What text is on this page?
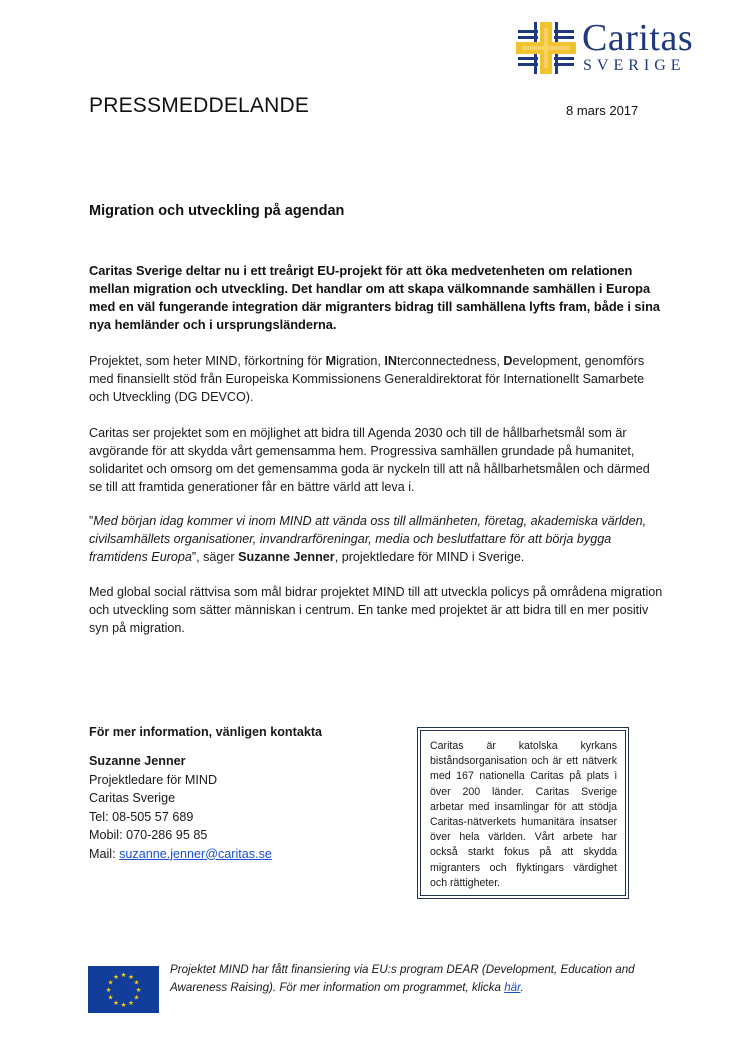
Caritas
SVERIGE
PRESSMEDDELANDE	8 mars 2017
Migration och utveckling på agendan
Caritas Sverige deltar nu i ett treårigt EU-projekt för att öka medvetenheten om relationen mellan migration och utveckling. Det handlar om att skapa välkomnande samhällen i Europa med en väl fungerande integration där migranters bidrag till samhällena lyfts fram, både i sina nya hemländer och i ursprungsländerna.
Projektet, som heter MIND, förkortning för Migration, INterconnectedness, Development, genomförs med finansiellt stöd från Europeiska Kommissionens Generaldirektorat för Internationellt Samarbete och Utveckling (DG DEVCO).
Caritas ser projektet som en möjlighet att bidra till Agenda 2030 och till de hållbarhetsmål som är avgörande för att skydda vårt gemensamma hem. Progressiva samhällen grundade på humanitet, solidaritet och omsorg om det gemensamma goda är nyckeln till att nå hållbarhetsmålen och därmed se till att framtida generationer får en bättre värld att leva i.
”Med början idag kommer vi inom MIND att vända oss till allmänheten, företag, akademiska världen, civilsamhällets organisationer, invandrarföreningar, media och beslutfattare för att börja bygga framtidens Europa”, säger Suzanne Jenner, projektledare för MIND i Sverige.
Med global social rättvisa som mål bidrar projektet MIND till att utveckla policys på områdena migration och utveckling som sätter människan i centrum. En tanke med projektet är att bidra till en mer positiv syn på migration.
För mer information, vänligen kontakta
Suzanne Jenner
Projektledare för MIND
Caritas Sverige
Tel: 08-505 57 689
Mobil: 070-286 95 85
Mail: suzanne.jenner@caritas.se
Caritas är katolska kyrkans biståndsorganisation och är ett nätverk med 167 nationella Caritas på plats i över 200 länder. Caritas Sverige arbetar med insamlingar för att stödja Caritas-nätverkets humanitära insatser över hela världen. Vårt arbete har också starkt fokus på att skydda migranters och flyktingars värdighet och rättigheter.
★ ★
★
★
★
★
★
★
★
★
★
★
Projektet MIND har fått finansiering via EU:s program DEAR (Development, Education and Awareness Raising). För mer information om programmet, klicka här.
